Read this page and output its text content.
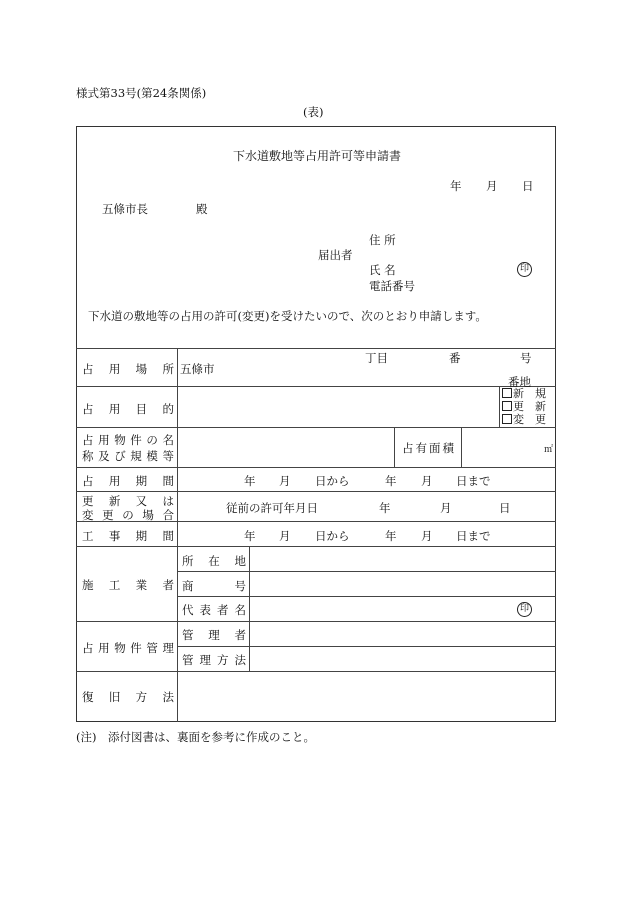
様式第33号(第24条関係)
(表)
下水道敷地等占用許可等申請書
年 月 日
五條市長	殿
住 所
届出者
氏 名	印
電話番号
下水道の敷地等の占用の許可(変更)を受けたいので、次のとおり申請します。
占 用 場 所 五條市
丁目	番	号
番地
占 用 目 的
新　規
更　新
変　更
占 用 物 件 の 名
称 及 び 規 模 等
占有面積	㎡
占 用 期 間	年 月 日から	年 月 日まで
更 新 又 は
変 更 の 場 合	従前の許可年月日	年	月	日
工 事 期 間	年 月 日から	年 月 日まで
施 工 業 者
所 在 地
商	号
代 表 者 名	印
占 用 物 件 管 理
管 理 者
管 理 方 法
復 旧 方 法
(注)　添付図書は、裏面を参考に作成のこと。
